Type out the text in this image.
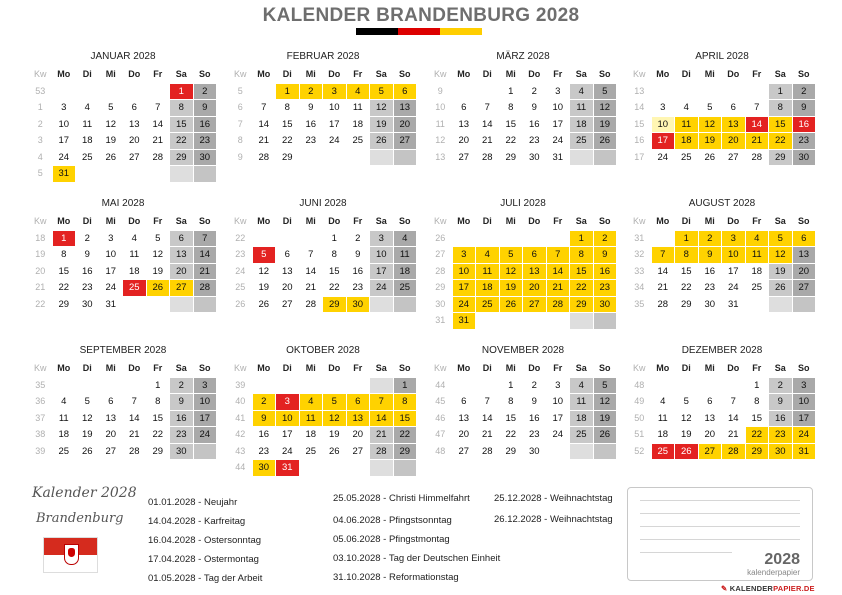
KALENDER BRANDENBURG 2028
JANUAR 2028
Kw	Mo	Di	Mi	Do	Fr	Sa	So
53						1	2
1	3	4	5	6	7	8	9
2	10	11	12	13	14	15	16
3	17	18	19	20	21	22	23
4	24	25	26	27	28	29	30
5	31						
FEBRUAR 2028
Kw	Mo	Di	Mi	Do	Fr	Sa	So
5		1	2	3	4	5	6
6	7	8	9	10	11	12	13
7	14	15	16	17	18	19	20
8	21	22	23	24	25	26	27
9	28	29					
MÄRZ 2028
Kw	Mo	Di	Mi	Do	Fr	Sa	So
9			1	2	3	4	5
10	6	7	8	9	10	11	12
11	13	14	15	16	17	18	19
12	20	21	22	23	24	25	26
13	27	28	29	30	31		
APRIL 2028
Kw	Mo	Di	Mi	Do	Fr	Sa	So
13						1	2
14	3	4	5	6	7	8	9
15	10	11	12	13	14	15	16
16	17	18	19	20	21	22	23
17	24	25	26	27	28	29	30
MAI 2028
Kw	Mo	Di	Mi	Do	Fr	Sa	So
18	1	2	3	4	5	6	7
19	8	9	10	11	12	13	14
20	15	16	17	18	19	20	21
21	22	23	24	25	26	27	28
22	29	30	31				
JUNI 2028
Kw	Mo	Di	Mi	Do	Fr	Sa	So
22				1	2	3	4
23	5	6	7	8	9	10	11
24	12	13	14	15	16	17	18
25	19	20	21	22	23	24	25
26	26	27	28	29	30		
JULI 2028
Kw	Mo	Di	Mi	Do	Fr	Sa	So
26						1	2
27	3	4	5	6	7	8	9
28	10	11	12	13	14	15	16
29	17	18	19	20	21	22	23
30	24	25	26	27	28	29	30
31	31						
AUGUST 2028
Kw	Mo	Di	Mi	Do	Fr	Sa	So
31		1	2	3	4	5	6
32	7	8	9	10	11	12	13
33	14	15	16	17	18	19	20
34	21	22	23	24	25	26	27
35	28	29	30	31			
SEPTEMBER 2028
Kw	Mo	Di	Mi	Do	Fr	Sa	So
35					1	2	3
36	4	5	6	7	8	9	10
37	11	12	13	14	15	16	17
38	18	19	20	21	22	23	24
39	25	26	27	28	29	30	
OKTOBER 2028
Kw	Mo	Di	Mi	Do	Fr	Sa	So
39							1
40	2	3	4	5	6	7	8
41	9	10	11	12	13	14	15
42	16	17	18	19	20	21	22
43	23	24	25	26	27	28	29
44	30	31					
NOVEMBER 2028
Kw	Mo	Di	Mi	Do	Fr	Sa	So
44			1	2	3	4	5
45	6	7	8	9	10	11	12
46	13	14	15	16	17	18	19
47	20	21	22	23	24	25	26
48	27	28	29	30			
DEZEMBER 2028
Kw	Mo	Di	Mi	Do	Fr	Sa	So
48					1	2	3
49	4	5	6	7	8	9	10
50	11	12	13	14	15	16	17
51	18	19	20	21	22	23	24
52	25	26	27	28	29	30	31
Kalender 2028
Brandenburg
01.01.2028 - Neujahr
14.04.2028 - Karfreitag
16.04.2028 - Ostersonntag
17.04.2028 - Ostermontag
01.05.2028 - Tag der Arbeit
25.05.2028 - Christi Himmelfahrt
04.06.2028 - Pfingstsonntag
05.06.2028 - Pfingstmontag
03.10.2028 - Tag der Deutschen Einheit
31.10.2028 - Reformationstag
25.12.2028 - Weihnachtstag
26.12.2028 - Weihnachtstag
2028
kalenderpapier
✎ KALENDERPAPIER.DE
